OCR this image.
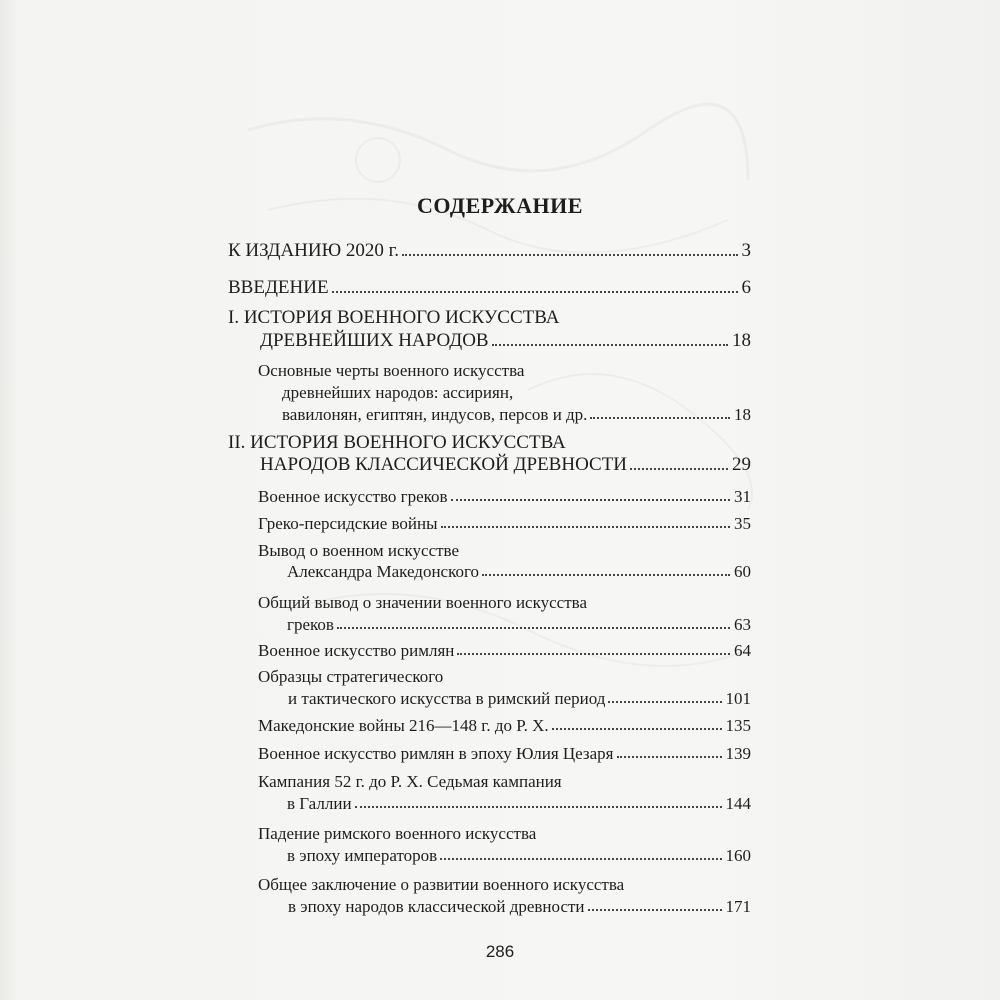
СОДЕРЖАНИЕ
К ИЗДАНИЮ 2020 г.	3
ВВЕДЕНИЕ	6
I. ИСТОРИЯ ВОЕННОГО ИСКУССТВА
ДРЕВНЕЙШИХ НАРОДОВ	18
Основные черты военного искусства
древнейших народов: ассириян,
вавилонян, египтян, индусов, персов и др.	18
II. ИСТОРИЯ ВОЕННОГО ИСКУССТВА
НАРОДОВ КЛАССИЧЕСКОЙ ДРЕВНОСТИ	29
Военное искусство греков	31
Греко-персидские войны	35
Вывод о военном искусстве
Александра Македонского	60
Общий вывод о значении военного искусства
греков	63
Военное искусство римлян	64
Образцы стратегического
и тактического искусства в римский период	101
Македонские войны 216—148 г. до Р. Х.	135
Военное искусство римлян в эпоху Юлия Цезаря	139
Кампания 52 г. до Р. Х. Седьмая кампания
в Галлии	144
Падение римского военного искусства
в эпоху императоров	160
Общее заключение о развитии военного искусства
в эпоху народов классической древности	171
286
